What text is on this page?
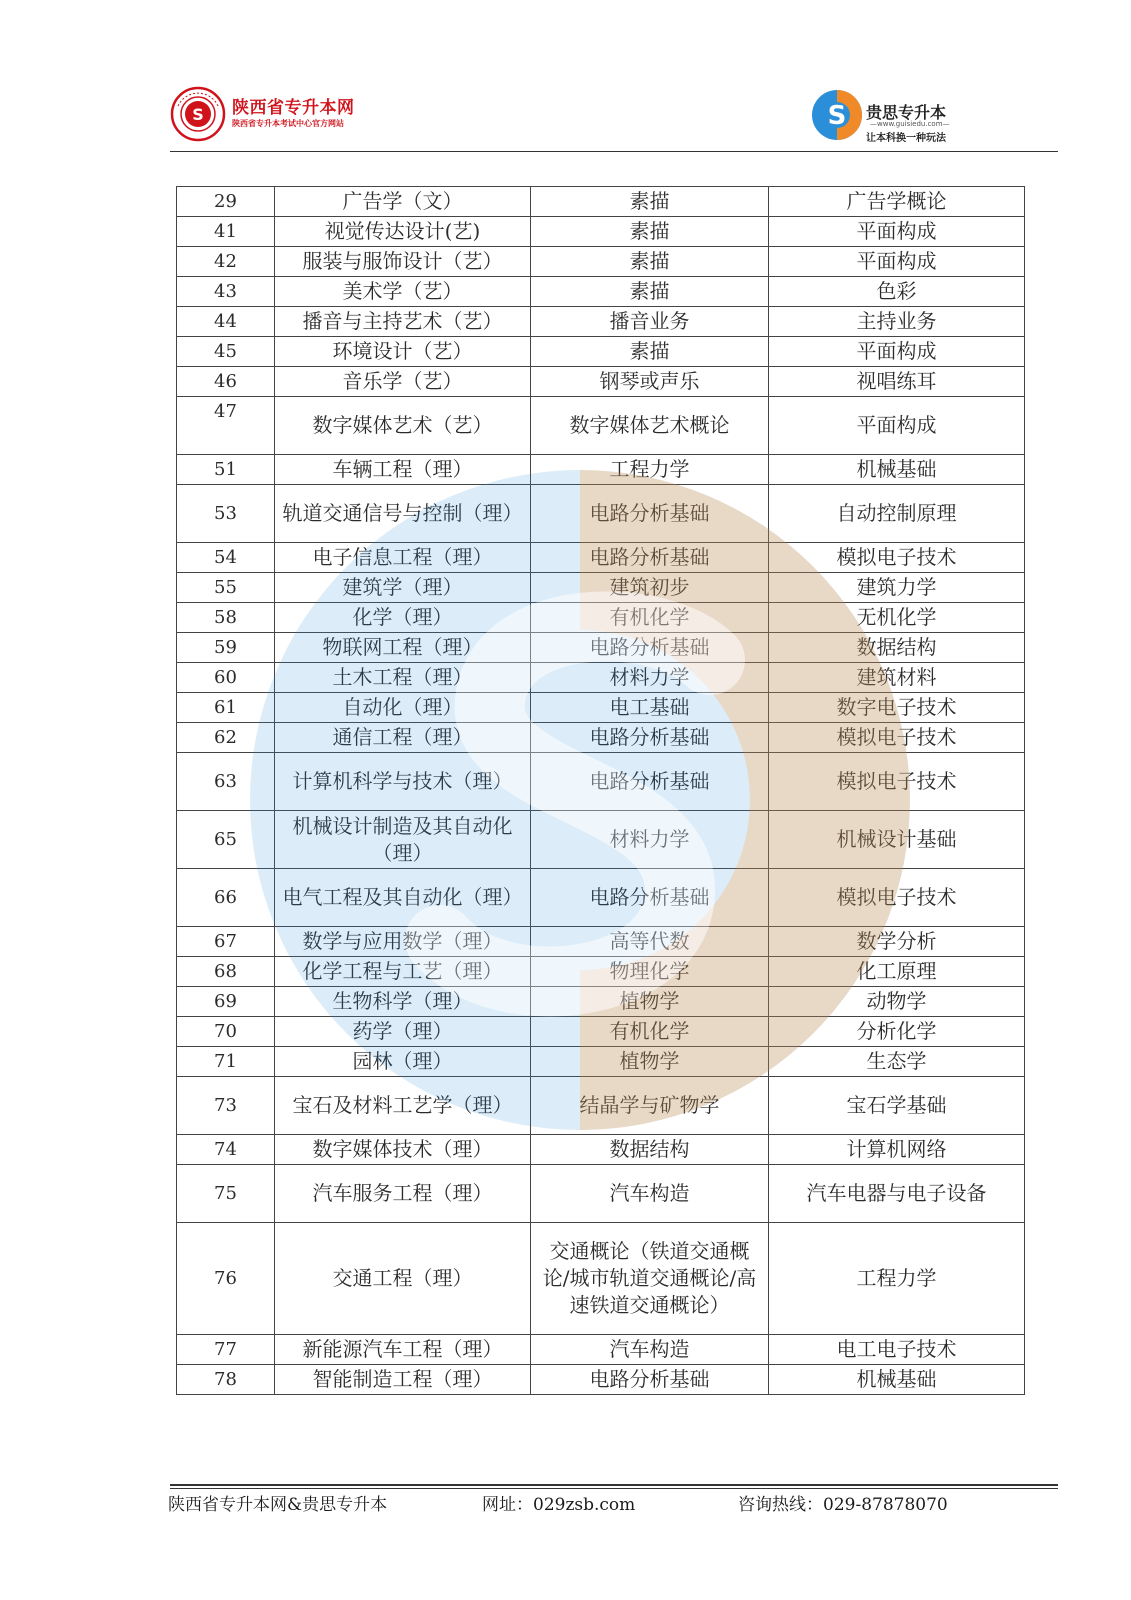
S 陕西省专升本网
陕西省专升本考试中心官方网站	S 贵思专升本
—www.guisiedu.com—
让本科换一种玩法
29	广告学（文）	素描	广告学概论
41	视觉传达设计(艺)	素描	平面构成
42	服装与服饰设计（艺）	素描	平面构成
43	美术学（艺）	素描	色彩
44	播音与主持艺术（艺）	播音业务	主持业务
45	环境设计（艺）	素描	平面构成
46	音乐学（艺）	钢琴或声乐	视唱练耳
47	数字媒体艺术（艺）	数字媒体艺术概论	平面构成
51	车辆工程（理）	工程力学	机械基础
53	轨道交通信号与控制（理）	电路分析基础	自动控制原理
54	电子信息工程（理）	电路分析基础	模拟电子技术
55	建筑学（理）	建筑初步	建筑力学
58	化学（理）	有机化学	无机化学
59	物联网工程（理）	电路分析基础	数据结构
60	土木工程（理）	材料力学	建筑材料
61	自动化（理）	电工基础	数字电子技术
62	通信工程（理）	电路分析基础	模拟电子技术
63	计算机科学与技术（理）	电路分析基础	模拟电子技术
65	机械设计制造及其自动化（理）	材料力学	机械设计基础
66	电气工程及其自动化（理）	电路分析基础	模拟电子技术
67	数学与应用数学（理）	高等代数	数学分析
68	化学工程与工艺（理）	物理化学	化工原理
69	生物科学（理）	植物学	动物学
70	药学（理）	有机化学	分析化学
71	园林（理）	植物学	生态学
73	宝石及材料工艺学（理）	结晶学与矿物学	宝石学基础
74	数字媒体技术（理）	数据结构	计算机网络
75	汽车服务工程（理）	汽车构造	汽车电器与电子设备
76	交通工程（理）	交通概论（铁道交通概论/城市轨道交通概论/高速铁道交通概论）	工程力学
77	新能源汽车工程（理）	汽车构造	电工电子技术
78	智能制造工程（理）	电路分析基础	机械基础
陕西省专升本网&贵思专升本	网址：029zsb.com	咨询热线：029-87878070
